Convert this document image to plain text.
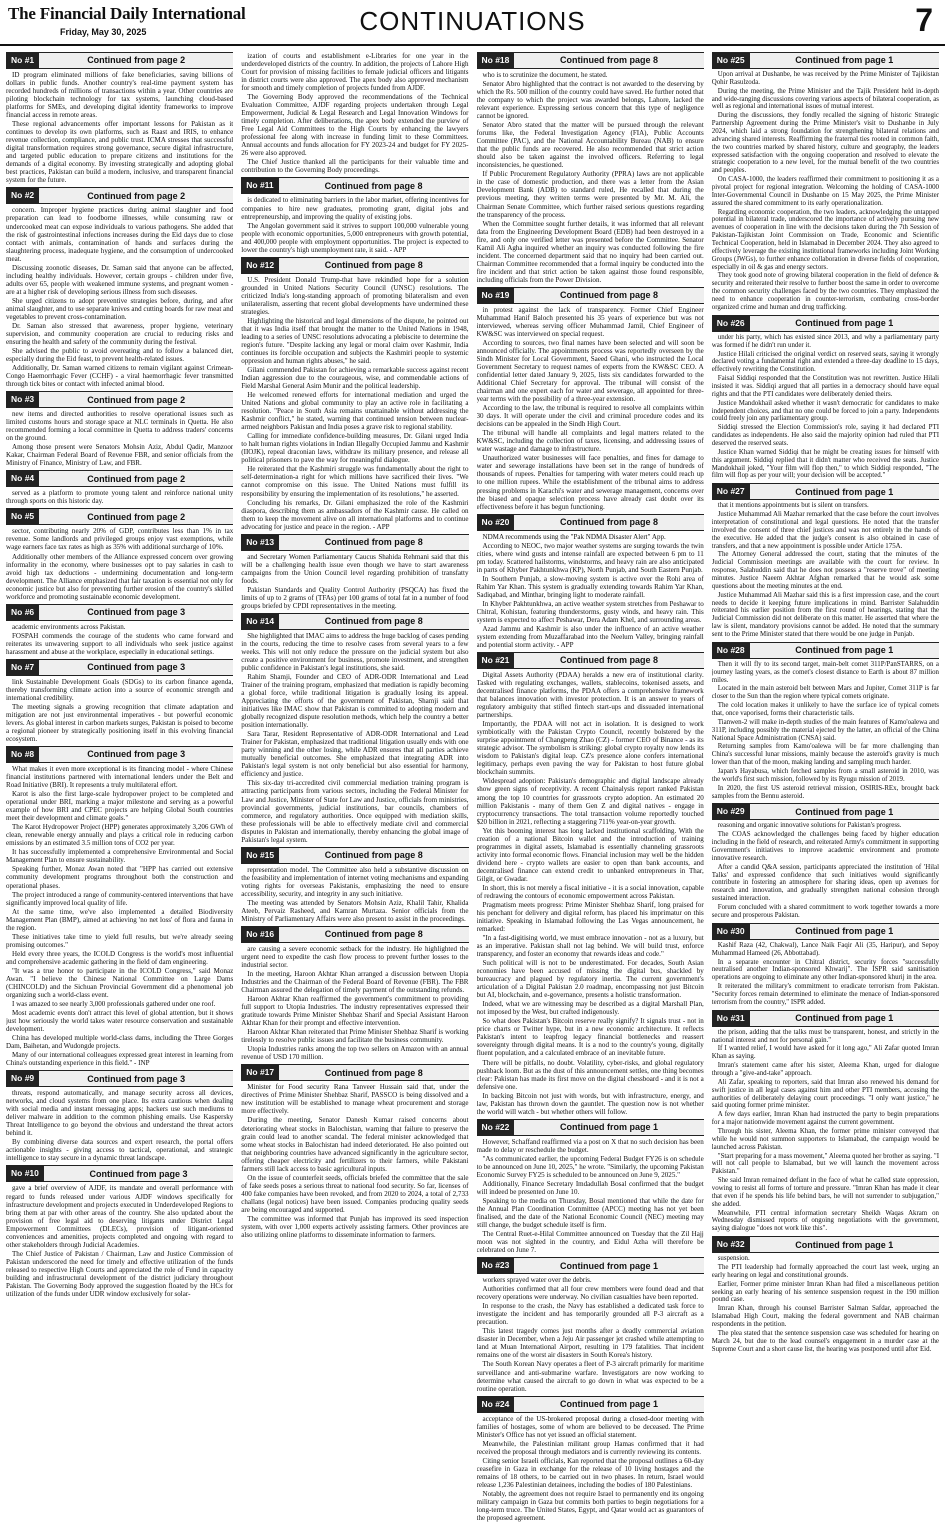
The Financial Daily International
Friday, May 30, 2025	CONTINUATIONS	7
No #1	Continued from page 2

ID program eliminated millions of fake beneficiaries, saving billions of dollars in public funds. Another country's real-time payment system has recorded hundreds of millions of transactions within a year. Other countries are piloting blockchain technology for tax systems, launching cloud-based platforms for SMEs, and developing digital identity frameworks to improve financial access in remote areas.

These regional advancements offer important lessons for Pakistan as it continues to develop its own platforms, such as Raast and IRIS, to enhance revenue collection, compliance, and public trust. ICMA stresses that successful digital transformation requires strong governance, secure digital infrastructure, and targeted public education to prepare citizens and institutions for the demands of a digital economy. By investing strategically and adopting global best practices, Pakistan can build a modern, inclusive, and transparent financial system for the future.

No #2	Continued from page 2

concern. Improper hygiene practices during animal slaughter and food preparation can lead to foodborne illnesses, while consuming raw or undercooked meat can expose individuals to various pathogens. She added that the risk of gastrointestinal infections increases during the Eid days due to close contact with animals, contamination of hands and surfaces during the slaughtering process, inadequate hygiene, and the consumption of undercooked meat.

Discussing zoonotic diseases, Dr. Saman said that anyone can be affected, including healthy individuals. However, certain groups - children under five, adults over 65, people with weakened immune systems, and pregnant women - are at a higher risk of developing serious illness from such diseases.

She urged citizens to adopt preventive strategies before, during, and after animal slaughter, and to use separate knives and cutting boards for raw meat and vegetables to prevent cross-contamination.

Dr. Saman also stressed that awareness, proper hygiene, veterinary supervision, and community cooperation are crucial to reducing risks and ensuring the health and safety of the community during the festival.

She advised the public to avoid overeating and to follow a balanced diet, especially during the Eid feast, to prevent health-related issues.

Additionally, Dr. Saman warned citizens to remain vigilant against Crimean-Congo Haemorrhagic Fever (CCHF) - a viral haemorrhagic fever transmitted through tick bites or contact with infected animal blood.

No #3	Continued from page 2

new items and directed authorities to resolve operational issues such as limited customs hours and storage space at NLC terminals in Quetta. He also recommended forming a local committee in Quetta to address traders' concerns on the ground.

Among those present were Senators Mohsin Aziz, Abdul Qadir, Manzoor Kakar, Chairman Federal Board of Revenue FBR, and senior officials from the Ministry of Finance, Ministry of Law, and FBR.

No #4	Continued from page 2

served as a platform to promote young talent and reinforce national unity through sports on this historic day.

No #5	Continued from page 2

sector, contributing nearly 20% of GDP, contributes less than 1% in tax revenue. Some landlords and privileged groups enjoy vast exemptions, while wage earners face tax rates as high as 35% with additional surcharge of 10%.

Additionally other members of the Alliance expressed concern over growing informality in the economy, where businesses opt to pay salaries in cash to avoid high tax deductions - undermining documentation and long-term development. The Alliance emphasized that fair taxation is essential not only for economic justice but also for preventing further erosion of the country's skilled workforce and promoting sustainable economic development.

No #6	Continued from page 3

academic environments across Pakistan.

FOSPAH commends the courage of the students who came forward and reiterates its unwavering support to all individuals who seek justice against harassment and abuse at the workplace, especially in educational settings.

No #7	Continued from page 3

link Sustainable Development Goals (SDGs) to its carbon finance agenda, thereby transforming climate action into a source of economic strength and international credibility.

The meeting signals a growing recognition that climate adaptation and mitigation are not just environmental imperatives - but powerful economic levers. As global interest in carbon markets surges, Pakistan is poised to become a regional pioneer by strategically positioning itself in this evolving financial ecosystem.

No #8	Continued from page 3

What makes it even more exceptional is its financing model - where Chinese financial institutions partnered with international lenders under the Belt and Road Initiative (BRI). It represents a truly multilateral effort.

Karot is also the first large-scale hydropower project to be completed and operational under BRI, marking a major milestone and serving as a powerful example of how BRI and CPEC projects are helping Global South countries meet their development and climate goals."

The Karot Hydropower Project (HPP) generates approximately 3,206 GWh of clean, renewable energy annually and plays a critical role in reducing carbon emissions by an estimated 3.5 million tons of CO2 per year.

It has successfully implemented a comprehensive Environmental and Social Management Plan to ensure sustainability.

Speaking further, Monaz Awan noted that "HPP has carried out extensive community development programs throughout both the construction and operational phases.

The project introduced a range of community-centered interventions that have significantly improved local quality of life.

At the same time, we've also implemented a detailed Biodiversity Management Plan (BMP), aimed at achieving 'no net loss' of flora and fauna in the region.

These initiatives take time to yield full results, but we're already seeing promising outcomes."

Held every three years, the ICOLD Congress is the world's most influential and comprehensive academic gathering in the field of dam engineering.

"It was a true honor to participate in the ICOLD Congress," said Monaz Awan. "I believe the Chinese National Committee on Large Dams (CHINCOLD) and the Sichuan Provincial Government did a phenomenal job organizing such a world-class event.

I was amazed to see nearly 3,000 professionals gathered under one roof.

Most academic events don't attract this level of global attention, but it shows just how seriously the world takes water resource conservation and sustainable development.

China has developed multiple world-class dams, including the Three Gorges Dam, Baihetan, and Wudongde projects.

Many of our international colleagues expressed great interest in learning from China's outstanding experience in this field." - INP

No #9	Continued from page 3

threats, respond automatically, and manage security across all devices, networks, and cloud systems from one place. Its extra cautious when dealing with social media and instant messaging apps; hackers use such mediums to deliver malware in addition to the common phishing emails. Use Kaspersky Threat Intelligence to go beyond the obvious and understand the threat actors behind it.

By combining diverse data sources and expert research, the portal offers actionable insights - giving access to tactical, operational, and strategic intelligence to stay secure in a dynamic threat landscape.

No #10	Continued from page 3

gave a brief overview of AJDF, its mandate and overall performance with regard to funds released under various AJDF windows specifically for infrastructure development and projects executed in Underdeveloped Regions to bring them at par with other areas of the country. She also updated about the provision of free legal aid to deserving litigants under District Legal Empowerment Committees (DLECs), provision of litigant-oriented conveniences and amenities, projects completed and ongoing with regard to other stakeholders through Judicial Academies.

The Chief Justice of Pakistan / Chairman, Law and Justice Commission of Pakistan underscored the need for timely and effective utilization of the funds released to respective High Courts and appreciated the role of Fund in capacity building and infrastructural development of the district judiciary throughout Pakistan. The Governing Body approved the suggestion floated by the HCs for utilization of the funds under UDR window exclusively for solar-

ization of courts and establishment e-Libraries for one year in the underdeveloped districts of the country. In addition, the projects of Lahore High Court for provision of missing facilities to female judicial officers and litigants in district courts were also approved. The apex body also approved mechanism for smooth and timely completion of projects funded from AJDF.

The Governing Body approved the recommendations of the Technical Evaluation Committee, AJDF regarding projects undertaken through Legal Empowerment, Judicial & Legal Research and Legal Innovation Windows for timely completion. After deliberations, the apex body extended the purview of Free Legal Aid Committees to the High Courts by enhancing the lawyers professional fee along with increase in funding limit to these Committees. Annual accounts and funds allocation for FY 2023-24 and budget for FY 2025-26 were also approved.

The Chief Justice thanked all the participants for their valuable time and contribution to the Governing Body proceedings.

No #11	Continued from page 8

is dedicated to eliminating barriers in the labor market, offering incentives for companies to hire new graduates, promoting grant, digital jobs and entrepreneurship, and improving the quality of existing jobs.

The Angolan government said it strives to support 100,000 vulnerable young people with economic opportunities, 5,000 entrepreneurs with growth potential, and 400,000 people with employment opportunities. The project is expected to lower the country's high unemployment rate, it said. - APP

No #12	Continued from page 8

U.S. President Donald Trump-that have rekindled hope for a solution grounded in United Nations Security Council (UNSC) resolutions. The criticized India's long-standing approach of promoting bilateralism and even unilateralism, asserting that recent global developments have undermined these strategies.

Highlighting the historical and legal dimensions of the dispute, he pointed out that it was India itself that brought the matter to the United Nations in 1948, leading to a series of UNSC resolutions advocating a plebiscite to determine the region's future. "Despite lacking any legal or moral claim over Kashmir, India continues its forcible occupation and subjects the Kashmiri people to systemic oppression and human rights abuses," he said.

Gilani commended Pakistan for achieving a remarkable success against recent Indian aggression due to the courageous, wise, and commendable actions of Field Marshal General Asim Munir and the political leadership.

He welcomed renewed efforts for international mediation and urged the United Nations and global community to play an active role in facilitating a resolution. "Peace in South Asia remains unattainable without addressing the Kashmir conflict," he stated, warning that continued tension between nuclear-armed neighbors Pakistan and India poses a grave risk to regional stability.

Calling for immediate confidence-building measures, Dr. Gilani urged India to halt human rights violations in Indian Illegally Occupied Jammu and Kashmir (IIOJK), repeal draconian laws, withdraw its military presence, and release all political prisoners to pave the way for meaningful dialogue.

He reiterated that the Kashmiri struggle was fundamentally about the right to self-determination-a right for which millions have sacrificed their lives. "We cannot compromise on this issue. The United Nations must fulfill its responsibility by ensuring the implementation of its resolutions," he asserted.

Concluding his remarks, Dr. Gilani emphasized the role of the Kashmiri diaspora, describing them as ambassadors of the Kashmir cause. He called on them to keep the movement alive on all international platforms and to continue advocating for justice and peace in the region. - APP

No #13	Continued from page 8

and Secretary Women Parliamentary Caucus Shahida Rehmani said that this will be a challenging health issue even though we have to start awareness campaigns from the Union Council level regarding prohibition of transfatty foods.

Pakistan Standards and Quality Control Authority (PSQCA) has fixed the limits of up to 2 grams of (TFAs) per 100 grams of total fat in a number of food groups briefed by CPDI representatives in the meeting.

No #14	Continued from page 8

She highlighted that IMAC aims to address the huge backlog of cases pending in the courts, reducing the time to resolve cases from several years to a few weeks. This will not only reduce the pressure on the judicial system but also create a positive environment for business, promote investment, and strengthen public confidence in Pakistan's legal institutions, she said.

Rahim Shamji, Founder and CEO of ADR-ODR International and Lead Trainer of the training program, emphasized that mediation is rapidly becoming a global force, while traditional litigation is gradually losing its appeal. Appreciating the efforts of the government of Pakistan, Shamji said that initiatives like IMAC show that Pakistan is committed to adopting modern and globally recognized dispute resolution methods, which help the country a better position internationally.

Sara Tarar, Resident Representative of ADR-ODR International and Lead Trainer for Pakistan, emphasized that traditional litigation usually ends with one party winning and the other losing, while ADR ensures that all parties achieve mutually beneficial outcomes. She emphasized that integrating ADR into Pakistan's legal system is not only beneficial but also essential for harmony, efficiency and justice.

This six-day tri-accredited civil commercial mediation training program is attracting participants from various sectors, including the Federal Minister for Law and Justice, Minister of State for Law and Justice, officials from ministries, provincial governments, judicial institutions, bar councils, chambers of commerce, and regulatory authorities. Once equipped with mediation skills, these professionals will be able to effectively mediate civil and commercial disputes in Pakistan and internationally, thereby enhancing the global image of Pakistan's legal system.

No #15	Continued from page 8

representation model. The Committee also held a substantive discussion on the feasibility and implementation of internet voting mechanisms and expanding voting rights for overseas Pakistanis, emphasizing the need to ensure accessibility, security, and integrity in any such initiative.

The meeting was attended by Senators Mohsin Aziz, Khalil Tahir, Khalida Ateeb, Pervaiz Rasheed, and Kamran Murtaza. Senior officials from the Ministry of Parliamentary Affairs were also present to assist in the proceedings.

No #16	Continued from page 8

are causing a severe economic setback for the industry. He highlighted the urgent need to expedite the cash flow process to prevent further losses to the industrial sector.

In the meeting, Haroon Akhtar Khan arranged a discussion between Utopia Industries and the Chairman of the Federal Board of Revenue (FBR). The FBR Chairman assured the delegation of timely payment of the outstanding refunds.

Haroon Akhtar Khan reaffirmed the government's commitment to providing full support to Utopia Industries. The industry representatives expressed their gratitude towards Prime Minister Shehbaz Sharif and Special Assistant Haroon Akhtar Khan for their prompt and effective intervention.

Haroon Akhtar Khan reiterated that Prime Minister Shehbaz Sharif is working tirelessly to resolve public issues and facilitate the business community.

Utopia Industries ranks among the top two sellers on Amazon with an annual revenue of USD 170 million.

No #17	Continued from page 8

Minister for Food security Rana Tanveer Hussain said that, under the directives of Prime Minister Shehbaz Sharif, PASSCO is being dissolved and a new institution will be established to manage wheat procurement and storage more effectively.

During the meeting, Senator Danesh Kumar raised concerns about deteriorating wheat stocks in Balochistan, warning that failure to preserve the grain could lead to another scandal. The federal minister acknowledged that some wheat stocks in Balochistan had indeed deteriorated. He also pointed out that neighboring countries have advanced significantly in the agriculture sector, offering cheaper electricity and fertilizers to their farmers, while Pakistani farmers still lack access to basic agricultural inputs.

On the issue of counterfeit seeds, officials briefed the committee that the sale of fake seeds poses a serious threat to national food security. So far, licenses of 400 fake companies have been revoked, and from 2020 to 2024, a total of 2,733 challans (legal notices) have been issued. Companies producing quality seeds are being encouraged and supported.

The committee was informed that Punjab has improved its seed inspection system, with over 1,000 experts actively assisting farmers. Other provinces are also utilizing online platforms to disseminate information to farmers.

No #18	Continued from page 8

who is to scrutinize the document, he stated.

Senator Abro highlighted that the contract is not awarded to the deserving by which the Rs. 500 million of the country could have saved. He further noted that the company to which the project was awarded belongs, Lahore, lacked the relevant experience. Expressing serious concern that this type of negligence cannot be ignored.

Senator Abro stated that the matter will be pursued through the relevant forums like, the Federal Investigation Agency (FIA), Public Accounts Committee (PAC), and the National Accountability Bureau (NAB) to ensure that the public funds are recovered. He also recommended that strict action should also be taken against the involved officers. Referring to legal inconsistencies, he questioned.

If Public Procurement Regulatory Authority (PPRA) laws are not applicable in the case of domestic production, and there was a letter from the Asian Development Bank (ADB) to standard ruled, He recalled that during the previous meeting, they written terms were presented by Mr. M. Ali, the Chairman Senate Committee, which further raised serious questions regarding the transparency of the process.

When the Committee sought further details, it was informed that all relevant data from the Engineering Development Board (EDB) had been destroyed in a fire, and only one verified letter was presented before the Committee. Senator Kamil Ali Agha inquired whether an inquiry was conducted following the fire incident. The concerned department said that no inquiry had been carried out. Chairman Committee recommended that a formal inquiry be conducted into the fire incident and that strict action be taken against those found responsible, including officials from the Power Division.

No #19	Continued from page 8

in protest against the lack of transparency. Former Chief Engineer Muhammad Hanif Baloch presented his 35 years of experience but was not interviewed, whereas serving officer Muhammad Jamil, Chief Engineer of KW&SC was interviewed on special request.

According to sources, two final names have been selected and will soon be announced officially. The appointments process was reportedly overseen by the Sindh Minister for Local Government, Saeed Ghani, who instructed the Local Government Secretary to request names of experts from the KW&SC CEO. A confidential letter dated January 9, 2025, lists six candidates forwarded to the Additional Chief Secretary for approval. The tribunal will consist of the chairman and one expert each for water and sewerage, all appointed for three-year terms with the possibility of a three-year extension.

According to the law, the tribunal is required to resolve all complaints within 30 days. It will operate under the civil and criminal procedure codes and its decisions can be appealed in the Sindh High Court.

The tribunal will handle all complaints and legal matters related to the KW&SC, including the collection of taxes, licensing, and addressing issues of water wastage and damage to infrastructure.

Unauthorized water businesses will face penalties, and fines for damage to water and sewerage installations have been set in the range of hundreds of thousands of rupees. Penalties for tampering with water meters could reach up to one million rupees. While the establishment of the tribunal aims to address pressing problems in Karachi's water and sewerage management, concerns over the biased and opaque selection process have already cast doubt over its effectiveness before it has begun functioning.

No #20	Continued from page 8

NDMA recommends using the "Pak NDMA Disaster Alert" App.

According to NEOC, two major weather systems are surging towards the twin cities, where wind gusts and intense rainfall are expected between 6 pm to 11 pm today. Scattered hailstorms, windstorms, and heavy rain are also anticipated in parts of Khyber Pakhtunkhwa (KP), North Punjab, and South Eastern Punjab.

In Southern Punjab, a slow-moving system is active over the Rohi area of Rahim Yar Khan. This system is gradually extending towards Rahim Yar Khan, Sadiqabad, and Minthar, bringing light to moderate rainfall.

In Khyber Pakhtunkhwa, an active weather system stretches from Peshawar to Chitral, Kohistan, featuring thunderstorms, gusty winds, and heavy rain. This system is expected to affect Peshawar, Dera Adam Khel, and surrounding areas.

Azad Jammu and Kashmir is also under the influence of an active weather system extending from Muzaffarabad into the Neelum Valley, bringing rainfall and potential storm activity. - APP

No #21	Continued from page 8

Digital Assets Authority (PDAA) heralds a new era of institutional clarity. Tasked with regulating exchanges, wallets, stablecoins, tokenised assets, and decentralised finance platforms, the PDAA offers a comprehensive framework that balances innovation with investor protection. It is an answer to years of regulatory ambiguity that stifled fintech start-ups and dissuaded international partnerships.

Importantly, the PDAA will not act in isolation. It is designed to work symbiotically with the Pakistan Crypto Council, recently bolstered by the surprise appointment of Changpeng Zhao (CZ) - former CEO of Binance - as its strategic advisor. The symbolism is striking: global crypto royalty now lends its wisdom to Pakistan's digital leap. CZ's presence alone confers international legitimacy, perhaps even paving the way for Pakistan to host future global blockchain summits.

Widespread adoption: Pakistan's demographic and digital landscape already show green signs of receptivity. A recent Chainalysis report ranked Pakistan among the top 10 countries for grassroots crypto adoption. An estimated 20 million Pakistanis - many of them Gen Z and digital natives - engage in cryptocurrency transactions. The total transaction volume reportedly touched $20 billion in 2021, reflecting a staggering 711% year-on-year growth.

Yet this booming interest has long lacked institutional scaffolding. With the creation of a national Bitcoin wallet and the introduction of training programmes in digital assets, Islamabad is essentially channeling grassroots activity into formal economic flows. Financial inclusion may well be the hidden dividend here - crypto wallets are easier to open than bank accounts, and decentralised finance can extend credit to unbanked entrepreneurs in Thar, Gilgit, or Gwadar.

In short, this is not merely a fiscal initiative - it is a social innovation, capable of redrawing the contours of economic empowerment across Pakistan.

Pragmatism meets progress: Prime Minister Shehbaz Sharif, long praised for his penchant for delivery and digital reform, has placed his imprimatur on this initiative. Speaking in Islamabad following the Las Vegas announcement, he remarked:

"In a fast-digitising world, we must embrace innovation - not as a luxury, but as an imperative. Pakistan shall not lag behind. We will build trust, enforce transparency, and foster an economy that rewards ideas and code."

Such political will is not to be underestimated. For decades, South Asian economies have been accused of missing the digital bus, shackled by bureaucracy and plagued by regulatory inertia. The current government's articulation of a Digital Pakistan 2.0 roadmap, encompassing not just Bitcoin but AI, blockchain, and e-governance, presents a holistic transformation.

Indeed, what we are witnessing may be described as a digital Marshall Plan, not imposed by the West, but crafted indigenously.

So what does Pakistan's Bitcoin reserve really signify? It signals trust - not in price charts or Twitter hype, but in a new economic architecture. It reflects Pakistan's intent to leapfrog legacy financial bottlenecks and reassert sovereignty through digital means. It is a nod to the country's young, digitally fluent population, and a calculated embrace of an inevitable future.

There will be pitfalls, no doubt. Volatility, cyber-risks, and global regulatory pushback loom. But as the dust of this announcement settles, one thing becomes clear: Pakistan has made its first move on the digital chessboard - and it is not a defensive one.

In backing Bitcoin not just with words, but with infrastructure, energy, and law, Pakistan has thrown down the gauntlet. The question now is not whether the world will watch - but whether others will follow.

No #22	Continued from page 1

However, Schaffand reaffirmed via a post on X that no such decision has been made to delay or reschedule the budget.

"As communicated earlier, the upcoming Federal Budget FY26 is on schedule to be announced on June 10, 2025," he wrote. "Similarly, the upcoming Pakistan Economic Survey FY25 is scheduled to be announced on June 9, 2025."

Additionally, Finance Secretary Imdadullah Bosal confirmed that the budget will indeed be presented on June 10.

Speaking to the media on Thursday, Bosal mentioned that while the date for the Annual Plan Coordination Committee (APCC) meeting has not yet been finalised, and the date of the National Economic Council (NEC) meeting may still change, the budget schedule itself is firm.

The Central Ruet-e-Hilal Committee announced on Tuesday that the Zil Hajj moon was not sighted in the country, and Eidul Azha will therefore be celebrated on June 7.

No #23	Continued from page 1

workers sprayed water over the debris.

Authorities confirmed that all four crew members were found dead and that recovery operations were underway. No civilian casualties have been reported.

In response to the crash, the Navy has established a dedicated task force to investigate the incident and has temporarily grounded all P-3 aircraft as a precaution.

This latest tragedy comes just months after a deadly commercial aviation disaster in December, when a Jeju Air passenger jet crashed while attempting to land at Muan International Airport, resulting in 179 fatalities. That incident remains one of the worst air disasters in South Korea's history.

The South Korean Navy operates a fleet of P-3 aircraft primarily for maritime surveillance and anti-submarine warfare. Investigators are now working to determine what caused the aircraft to go down in what was expected to be a routine operation.

No #24	Continued from page 1

acceptance of the US-brokered proposal during a closed-door meeting with families of hostages, some of whom are believed to be deceased. The Prime Minister's Office has not yet issued an official statement.

Meanwhile, the Palestinian militant group Hamas confirmed that it had received the proposal through mediators and is currently reviewing its contents.

Citing senior Israeli officials, Kan reported that the proposal outlines a 60-day ceasefire in Gaza in exchange for the release of 10 living hostages and the remains of 18 others, to be carried out in two phases. In return, Israel would release 1,236 Palestinian detainees, including the bodies of 180 Palestinians.

Notably, the agreement does not require Israel to permanently end its ongoing military campaign in Gaza but commits both parties to begin negotiations for a long-term truce. The United States, Egypt, and Qatar would act as guarantors of the proposed agreement.

No #25	Continued from page 1

Upon arrival at Dushanbe, he was received by the Prime Minister of Tajikistan Qohir Rasulzoda.

During the meeting, the Prime Minister and the Tajik President held in-depth and wide-ranging discussions covering various aspects of bilateral cooperation, as well as regional and international issues of mutual interest.

During the discussions, they fondly recalled the signing of historic Strategic Partnership Agreement during the Prime Minister's visit to Dushanbe in July 2024, which laid a strong foundation for strengthening bilateral relations and advancing shared interests. Reaffirming the fraternal ties rooted in common faith, the two countries marked by shared history, culture and geography, the leaders expressed satisfaction with the ongoing cooperation and resolved to elevate the strategic cooperation to a new level, for the mutual benefit of the two countries and peoples.

On CASA-1000, the leaders reaffirmed their commitment to positioning it as a pivotal project for regional integration. Welcoming the holding of CASA-1000 Inter-Governmental Council in Dushanbe on 15 May 2025, the Prime Minister assured the shared commitment to its early operationalization.

Regarding economic cooperation, the two leaders, acknowledging the untapped potential in bilateral trade, underscored the importance of actively pursuing new avenues of cooperation in line with the decisions taken during the 7th Session of Pakistan-Tajikistan Joint Commission on Trade, Economic and Scientific Technical Cooperation, held in Islamabad in December 2024. They also agreed to effectively leverage the existing institutional frameworks including Joint Working Groups (JWGs), to further enhance collaboration in diverse fields of cooperation, especially in oil & gas and energy sectors.

They took good note of growing bilateral cooperation in the field of defence & security and reiterated their resolve to further boost the same in order to overcome the common security challenges faced by the two countries. They emphasized the need to enhance cooperation in counter-terrorism, combating cross-border organized crime and human and drug trafficking.

No #26	Continued from page 1

under his party, which has existed since 2013, and why a parliamentary party was formed if he didn't run under it.

Justice Hilali criticised the original verdict on reserved seats, saying it wrongly declared voting a fundamental right and extended a three-day deadline to 15 days, effectively rewriting the Constitution.

Faisal Siddiqi responded that the Constitution was not rewritten. Justice Hilali insisted it was. Siddiqi argued that all parties in a democracy should have equal rights and that the PTI candidates were deliberately denied theirs.

Justice Mandokhail asked whether it wasn't democratic for candidates to make independent choices, and that no one could be forced to join a party. Independents could freely join any parliamentary group.

Siddiqi stressed the Election Commission's role, saying it had declared PTI candidates as independents. He also said the majority opinion had ruled that PTI deserved the reserved seats.

Justice Khan warned Siddiqi that he might be creating issues for himself with this argument. Siddiqi replied that it didn't matter who received the seats. Justice Mandokhail joked, "Your film will flop then," to which Siddiqi responded, "The film will flop as per your will; your decision will be accepted."

No #27	Continued from page 1

that it mentions appointments but is silent on transfers.

Justice Muhammad Ali Mazhar remarked that the case before the court involves interpretation of constitutional and legal questions. He noted that the transfer involved the consent of three chief justices and was not entirely in the hands of the executive. He added that the judge's consent is also obtained in case of transfers, and that a new appointment is possible under Article 175A.

The Attorney General addressed the court, stating that the minutes of the Judicial Commission meetings are available with the court for review. In response, Salahuddin said that he does not possess a "reserve trove" of meeting minutes. Justice Naeem Akhtar Afghan remarked that he would ask some questions about the meeting minutes at the end.

Justice Muhammad Ali Mazhar said this is a first impression case, and the court needs to decide it keeping future implications in mind. Barrister Salahuddin reiterated his earlier position from the first round of hearings, stating that the Judicial Commission did not deliberate on this matter. He asserted that where the law is silent, mandatory provisions cannot be added. He noted that the summary sent to the Prime Minister stated that there would be one judge in Punjab.

No #28	Continued from page 1

Then it will fly to its second target, main-belt comet 311P/PanSTARRS, on a journey lasting years, as the comet's closest distance to Earth is about 87 million miles.

Located in the main asteroid belt between Mars and Jupiter, Comet 311P is far closer to the Sun than the region where typical comets originate.

The cold location makes it unlikely to have the surface ice of typical comets that, once vaporised, forms their characteristic tails.

Tianwen-2 will make in-depth studies of the main features of Kamo'oalewa and 311P, including possibly the material ejected by the latter, an official of the China National Space Administration (CNSA) said.

Returning samples from Kamo'oalewa will be far more challenging than China's successful lunar missions, mainly because the asteroid's gravity is much lower than that of the moon, making landing and sampling much harder.

Japan's Hayabusa, which fetched samples from a small asteroid in 2010, was the world's first such mission, followed by its Ryugu mission of 2019.

In 2020, the first US asteroid retrieval mission, OSIRIS-REx, brought back samples from the Bennu asteroid.

No #29	Continued from page 1

reasoning and organic innovative solutions for Pakistan's progress.

The COAS acknowledged the challenges being faced by higher education including in the field of research, and reiterated Army's commitment in supporting Government's initiatives to improve academic environment and promote innovative research.

After a candid Q&A session, participants appreciated the institution of 'Hilal Talks' and expressed confidence that such initiatives would significantly contribute in fostering an atmosphere for sharing ideas, open up avenues for research and innovation, and gradually strengthen national cohesion through sustained interaction.

Forum concluded with a shared commitment to work together towards a more secure and prosperous Pakistan.

No #30	Continued from page 1

Kashif Raza (42, Chakwal), Lance Naik Faqir Ali (35, Haripur), and Sepoy Muhammad Hameed (26, Abbottabad).

In a separate encounter in Chitral district, security forces "successfully neutralised another Indian-sponsored Khwarij". The ISPR said sanitisation operations are ongoing to eliminate any other Indian-sponsored khurij in the area.

It reiterated the military's commitment to eradicate terrorism from Pakistan. "Security forces remain determined to eliminate the menace of Indian-sponsored terrorism from the country," ISPR added.

No #31	Continued from page 1

the prison, adding that the talks must be transparent, honest, and strictly in the national interest and not for personal gain."

If I wanted relief, I would have asked for it long ago," Ali Zafar quoted Imran Khan as saying.

Imran's statement came after his sister, Aleema Khan, urged for dialogue through a "give-and-take" approach.

Ali Zafar, speaking to reporters, said that Imran also renewed his demand for swift justice in all legal cases against him and other PTI members, accusing the authorities of deliberately delaying court proceedings. "I only want justice," he said quoting former prime minister.

A few days earlier, Imran Khan had instructed the party to begin preparations for a major nationwide movement against the current government.

Through his sister, Aleema Khan, the former prime minister conveyed that while he would not summon supporters to Islamabad, the campaign would be launched across Pakistan.

"Start preparing for a mass movement," Aleema quoted her brother as saying. "I will not call people to Islamabad, but we will launch the movement across Pakistan."

She said Imran remained defiant in the face of what he called state oppression, vowing to resist all forms of torture and pressure. "Imran Khan has made it clear that even if he spends his life behind bars, he will not surrender to subjugation," she added.

Meanwhile, PTI central information secretary Sheikh Waqas Akram on Wednesday dismissed reports of ongoing negotiations with the government, saying dialogue "does not work like this".

No #32	Continued from page 1

suspension.

The PTI leadership had formally approached the court last week, urging an early hearing on legal and constitutional grounds.

Earlier, Former prime minister Imran Khan had filed a miscellaneous petition seeking an early hearing of his sentence suspension request in the 190 million pound case.

Imran Khan, through his counsel Barrister Salman Safdar, approached the Islamabad High Court, making the federal government and NAB chairman respondents in the petition.

The plea stated that the sentence suspension case was scheduled for hearing on March 24, but due to the lead counsel's engagement in a murder case at the Supreme Court and a short cause list, the hearing was postponed until after Eid.
